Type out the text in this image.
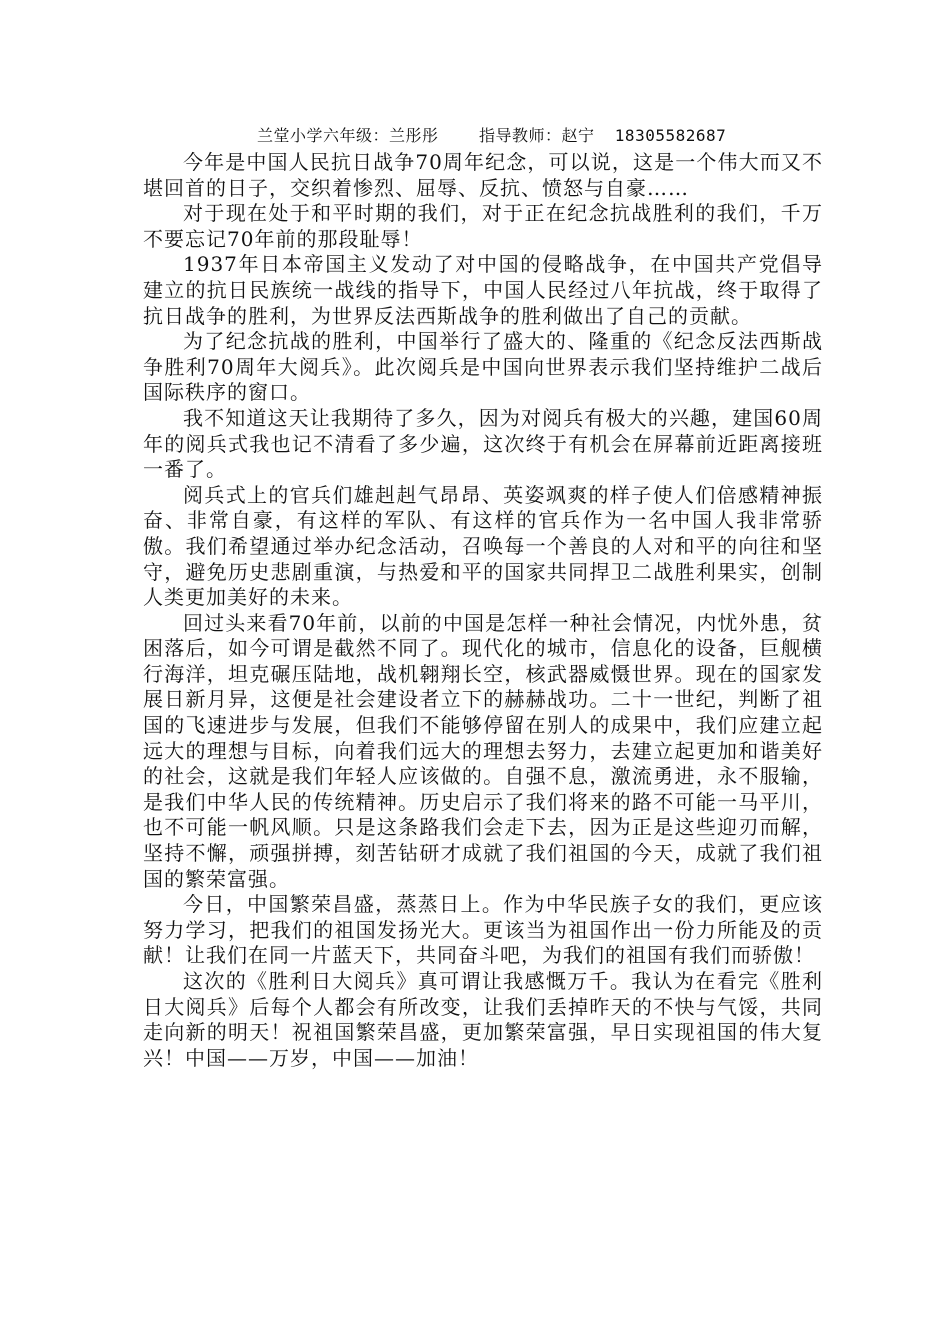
兰堂小学六年级：兰彤彤    指导教师：赵宁  18305582687

今年是中国人民抗日战争70周年纪念，可以说，这是一个伟大而又不堪回首的日子，交织着惨烈、屈辱、反抗、愤怒与自豪……

对于现在处于和平时期的我们，对于正在纪念抗战胜利的我们，千万不要忘记70年前的那段耻辱！

1937年日本帝国主义发动了对中国的侵略战争，在中国共产党倡导建立的抗日民族统一战线的指导下，中国人民经过八年抗战，终于取得了抗日战争的胜利，为世界反法西斯战争的胜利做出了自己的贡献。

为了纪念抗战的胜利，中国举行了盛大的、隆重的《纪念反法西斯战争胜利70周年大阅兵》。此次阅兵是中国向世界表示我们坚持维护二战后国际秩序的窗口。

我不知道这天让我期待了多久，因为对阅兵有极大的兴趣，建国60周年的阅兵式我也记不清看了多少遍，这次终于有机会在屏幕前近距离接班一番了。

阅兵式上的官兵们雄赳赳气昂昂、英姿飒爽的样子使人们倍感精神振奋、非常自豪，有这样的军队、有这样的官兵作为一名中国人我非常骄傲。我们希望通过举办纪念活动，召唤每一个善良的人对和平的向往和坚守，避免历史悲剧重演，与热爱和平的国家共同捍卫二战胜利果实，创制人类更加美好的未来。

回过头来看70年前，以前的中国是怎样一种社会情况，内忧外患，贫困落后，如今可谓是截然不同了。现代化的城市，信息化的设备，巨舰横行海洋，坦克碾压陆地，战机翱翔长空，核武器威慑世界。现在的国家发展日新月异，这便是社会建设者立下的赫赫战功。二十一世纪，判断了祖国的飞速进步与发展，但我们不能够停留在别人的成果中，我们应建立起远大的理想与目标，向着我们远大的理想去努力，去建立起更加和谐美好的社会，这就是我们年轻人应该做的。自强不息，激流勇进，永不服输，是我们中华人民的传统精神。历史启示了我们将来的路不可能一马平川，也不可能一帆风顺。只是这条路我们会走下去，因为正是这些迎刃而解，坚持不懈，顽强拼搏，刻苦钻研才成就了我们祖国的今天，成就了我们祖国的繁荣富强。

今日，中国繁荣昌盛，蒸蒸日上。作为中华民族子女的我们，更应该努力学习，把我们的祖国发扬光大。更该当为祖国作出一份力所能及的贡献！让我们在同一片蓝天下，共同奋斗吧，为我们的祖国有我们而骄傲！

这次的《胜利日大阅兵》真可谓让我感慨万千。我认为在看完《胜利日大阅兵》后每个人都会有所改变，让我们丢掉昨天的不快与气馁，共同走向新的明天！祝祖国繁荣昌盛，更加繁荣富强，早日实现祖国的伟大复兴！中国——万岁，中国——加油！
